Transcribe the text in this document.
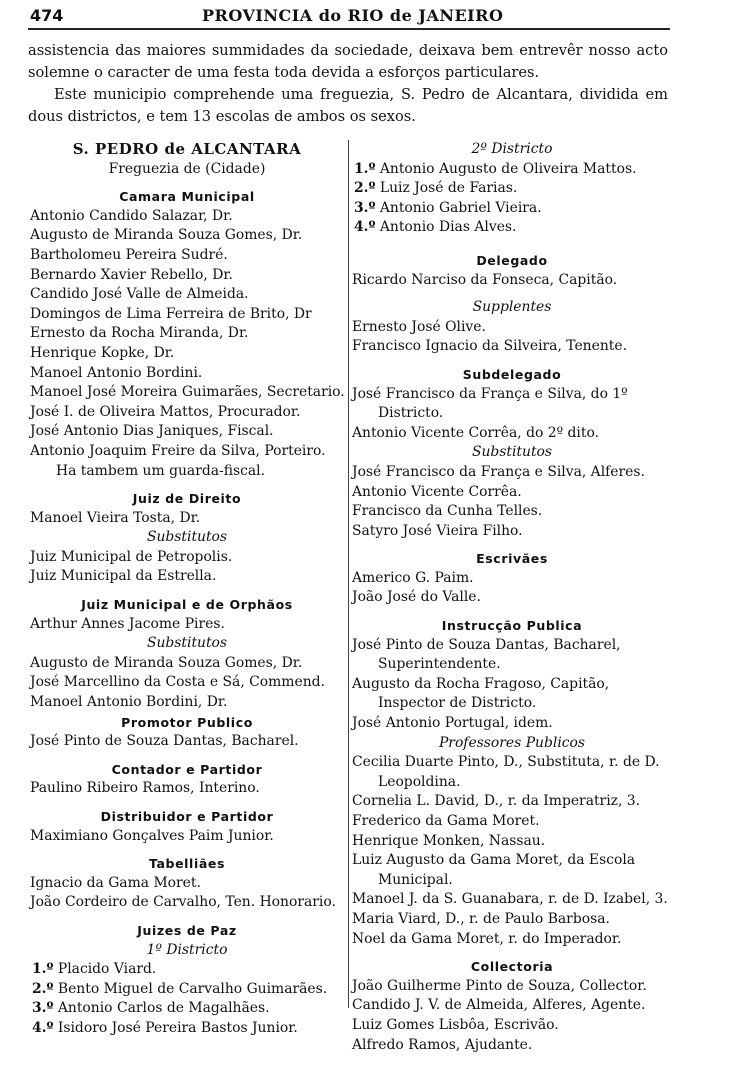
474	PROVINCIA do RIO de JANEIRO

assistencia das maiores summidades da sociedade, deixava bem entrevêr nosso acto solemne o caracter de uma festa toda devida a esforços particulares.

Este municipio comprehende uma freguezia, S. Pedro de Alcantara, dividida em dous districtos, e tem 13 escolas de ambos os sexos.

S. PEDRO de ALCANTARA

Freguezia de (Cidade)

Camara Municipal

Antonio Candido Salazar, Dr.

Augusto de Miranda Souza Gomes, Dr.

Bartholomeu Pereira Sudré.

Bernardo Xavier Rebello, Dr.

Candido José Valle de Almeida.

Domingos de Lima Ferreira de Brito, Dr

Ernesto da Rocha Miranda, Dr.

Henrique Kopke, Dr.

Manoel Antonio Bordini.

Manoel José Moreira Guimarães, Secretario.

José I. de Oliveira Mattos, Procurador.

José Antonio Dias Janiques, Fiscal.

Antonio Joaquim Freire da Silva, Porteiro.

Ha tambem um guarda-fiscal.

Juiz de Direito

Manoel Vieira Tosta, Dr.

Substitutos

Juiz Municipal de Petropolis.

Juiz Municipal da Estrella.

Juiz Municipal e de Orphãos

Arthur Annes Jacome Pires.

Substitutos

Augusto de Miranda Souza Gomes, Dr.

José Marcellino da Costa e Sá, Commend.

Manoel Antonio Bordini, Dr.

Promotor Publico

José Pinto de Souza Dantas, Bacharel.

Contador e Partidor

Paulino Ribeiro Ramos, Interino.

Distribuidor e Partidor

Maximiano Gonçalves Paim Junior.

Tabelliães

Ignacio da Gama Moret.

João Cordeiro de Carvalho, Ten. Honorario.

Juizes de Paz

1º Districto

1.º Placido Viard.

2.º Bento Miguel de Carvalho Guimarães.

3.º Antonio Carlos de Magalhães.

4.º Isidoro José Pereira Bastos Junior.

2º Districto

1.º Antonio Augusto de Oliveira Mattos.

2.º Luiz José de Farias.

3.º Antonio Gabriel Vieira.

4.º Antonio Dias Alves.

Delegado

Ricardo Narciso da Fonseca, Capitão.

Supplentes

Ernesto José Olive.

Francisco Ignacio da Silveira, Tenente.

Subdelegado

José Francisco da França e Silva, do 1º Districto.

Antonio Vicente Corrêa, do 2º dito.

Substitutos

José Francisco da França e Silva, Alferes.

Antonio Vicente Corrêa.

Francisco da Cunha Telles.

Satyro José Vieira Filho.

Escrivães

Americo G. Paim.

João José do Valle.

Instrucção Publica

José Pinto de Souza Dantas, Bacharel, Superintendente.

Augusto da Rocha Fragoso, Capitão, Inspector de Districto.

José Antonio Portugal, idem.

Professores Publicos

Cecilia Duarte Pinto, D., Substituta, r. de D. Leopoldina.

Cornelia L. David, D., r. da Imperatriz, 3.

Frederico da Gama Moret.

Henrique Monken, Nassau.

Luiz Augusto da Gama Moret, da Escola Municipal.

Manoel J. da S. Guanabara, r. de D. Izabel, 3.

Maria Viard, D., r. de Paulo Barbosa.

Noel da Gama Moret, r. do Imperador.

Collectoria

João Guilherme Pinto de Souza, Collector.

Candido J. V. de Almeida, Alferes, Agente.

Luiz Gomes Lisbôa, Escrivão.

Alfredo Ramos, Ajudante.
